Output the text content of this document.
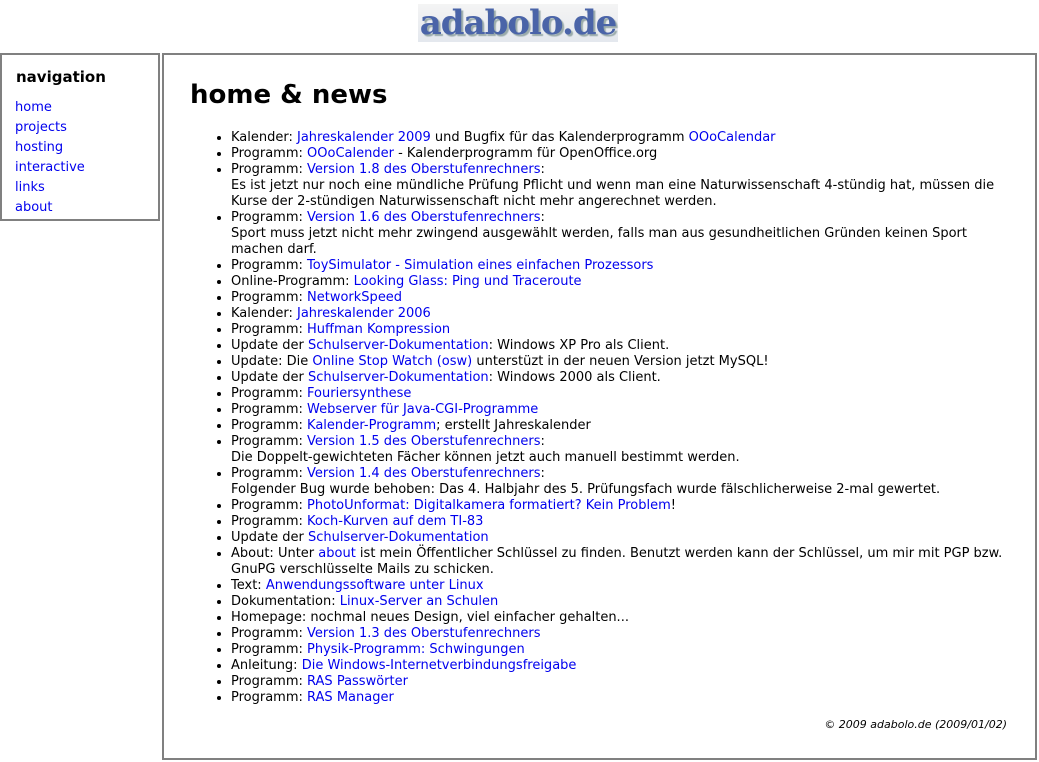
adabolo.de
navigation
home
projects
hosting
interactive
links
about
home & news
• Kalender: Jahreskalender 2009 und Bugfix für das Kalenderprogramm OOoCalendar
• Programm: OOoCalender - Kalenderprogramm für OpenOffice.org
• Programm: Version 1.8 des Oberstufenrechners:
Es ist jetzt nur noch eine mündliche Prüfung Pflicht und wenn man eine Naturwissenschaft 4-stündig hat, müssen die Kurse der 2-stündigen Naturwissenschaft nicht mehr angerechnet werden.
• Programm: Version 1.6 des Oberstufenrechners:
Sport muss jetzt nicht mehr zwingend ausgewählt werden, falls man aus gesundheitlichen Gründen keinen Sport machen darf.
• Programm: ToySimulator - Simulation eines einfachen Prozessors
• Online-Programm: Looking Glass: Ping und Traceroute
• Programm: NetworkSpeed
• Kalender: Jahreskalender 2006
• Programm: Huffman Kompression
• Update der Schulserver-Dokumentation: Windows XP Pro als Client.
• Update: Die Online Stop Watch (osw) unterstüzt in der neuen Version jetzt MySQL!
• Update der Schulserver-Dokumentation: Windows 2000 als Client.
• Programm: Fouriersynthese
• Programm: Webserver für Java-CGI-Programme
• Programm: Kalender-Programm; erstellt Jahreskalender
• Programm: Version 1.5 des Oberstufenrechners:
Die Doppelt-gewichteten Fächer können jetzt auch manuell bestimmt werden.
• Programm: Version 1.4 des Oberstufenrechners:
Folgender Bug wurde behoben: Das 4. Halbjahr des 5. Prüfungsfach wurde fälschlicherweise 2-mal gewertet.
• Programm: PhotoUnformat: Digitalkamera formatiert? Kein Problem!
• Programm: Koch-Kurven auf dem TI-83
• Update der Schulserver-Dokumentation
• About: Unter about ist mein Öffentlicher Schlüssel zu finden. Benutzt werden kann der Schlüssel, um mir mit PGP bzw. GnuPG verschlüsselte Mails zu schicken.
• Text: Anwendungssoftware unter Linux
• Dokumentation: Linux-Server an Schulen
• Homepage: nochmal neues Design, viel einfacher gehalten...
• Programm: Version 1.3 des Oberstufenrechners
• Programm: Physik-Programm: Schwingungen
• Anleitung: Die Windows-Internetverbindungsfreigabe
• Programm: RAS Passwörter
• Programm: RAS Manager
© 2009 adabolo.de (2009/01/02)
